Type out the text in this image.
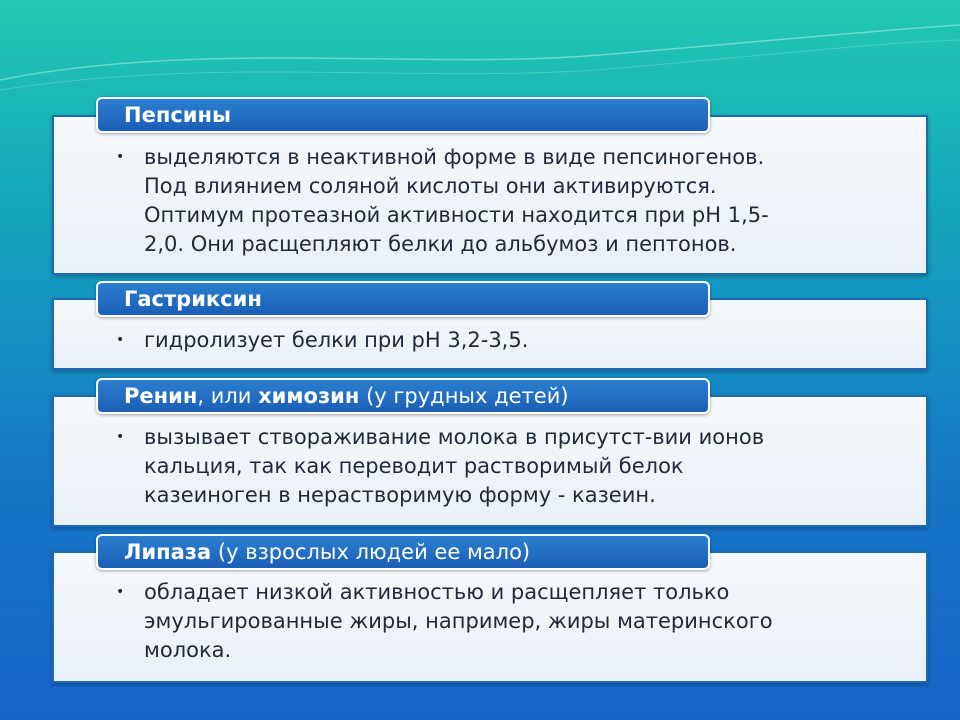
Пепсины
• выделяются в неактивной форме в виде пепсиногенов.
Под влиянием соляной кислоты они активируются.
Оптимум протеазной активности находится при pH 1,5-
2,0. Они расщепляют белки до альбумоз и пептонов.
Гастриксин
• гидролизует белки при рН 3,2-3,5.
Ренин, или химозин (у грудных детей)
• вызывает створаживание молока в присутст-вии ионов
кальция, так как переводит растворимый белок
казеиноген в нерастворимую форму - казеин.
Липаза (у взрослых людей ее мало)
• обладает низкой активностью и расщепляет только
эмульгированные жиры, например, жиры материнского
молока.
